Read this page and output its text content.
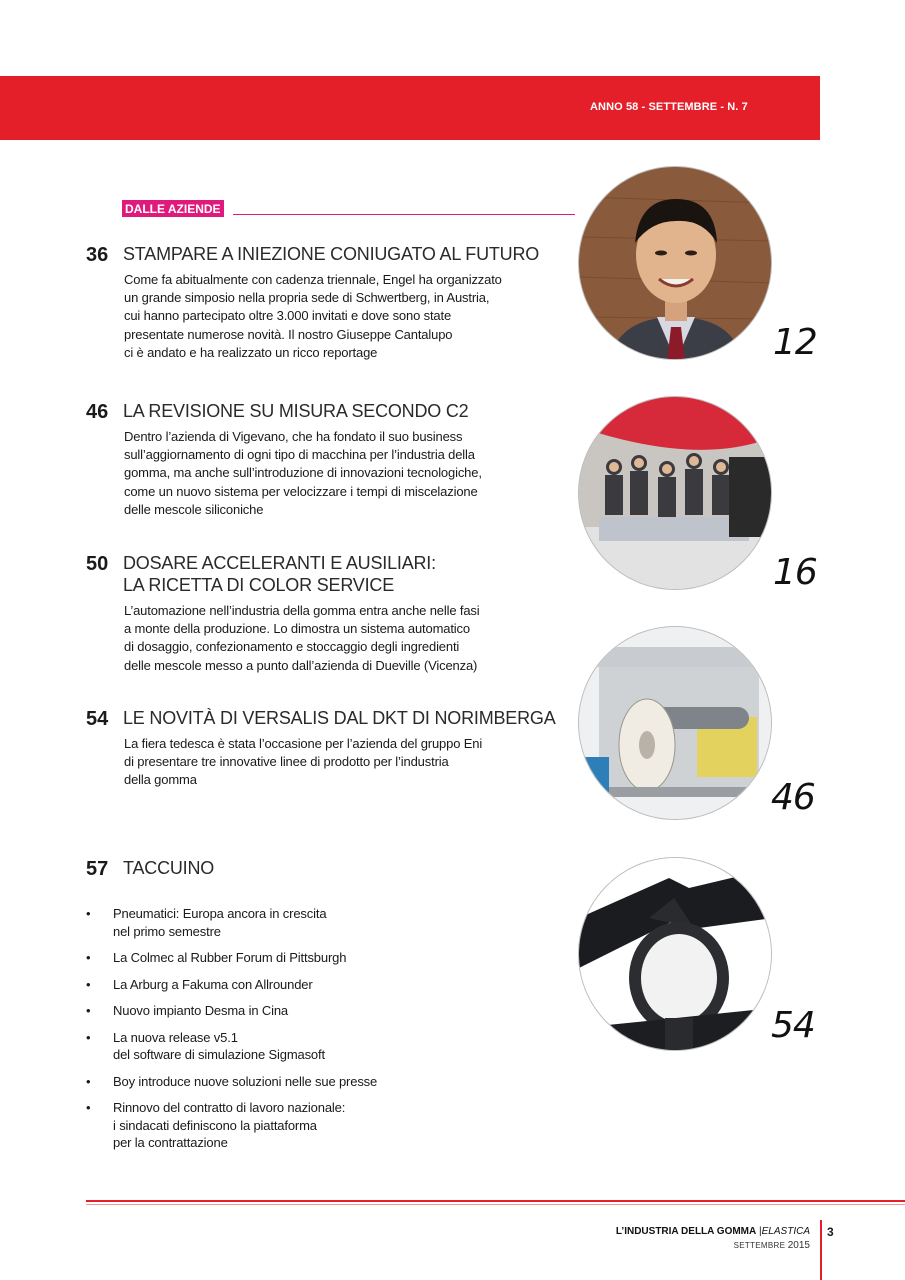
ANNO 58 - SETTEMBRE - N. 7
DALLE AZIENDE
36 STAMPARE A INIEZIONE CONIUGATO AL FUTURO
Come fa abitualmente con cadenza triennale, Engel ha organizzato
un grande simposio nella propria sede di Schwertberg, in Austria,
cui hanno partecipato oltre 3.000 invitati e dove sono state
presentate numerose novità. Il nostro Giuseppe Cantalupo
ci è andato e ha realizzato un ricco reportage
46 LA REVISIONE SU MISURA SECONDO C2
Dentro l’azienda di Vigevano, che ha fondato il suo business
sull’aggiornamento di ogni tipo di macchina per l’industria della
gomma, ma anche sull’introduzione di innovazioni tecnologiche,
come un nuovo sistema per velocizzare i tempi di miscelazione
delle mescole siliconiche
50 DOSARE ACCELERANTI E AUSILIARI:
LA RICETTA DI COLOR SERVICE
L’automazione nell’industria della gomma entra anche nelle fasi
a monte della produzione. Lo dimostra un sistema automatico
di dosaggio, confezionamento e stoccaggio degli ingredienti
delle mescole messo a punto dall’azienda di Dueville (Vicenza)
54 LE NOVITÀ DI VERSALIS DAL DKT DI NORIMBERGA
La fiera tedesca è stata l’occasione per l’azienda del gruppo Eni
di presentare tre innovative linee di prodotto per l’industria
della gomma
57 TACCUINO
•	Pneumatici: Europa ancora in crescita
nel primo semestre
•	La Colmec al Rubber Forum di Pittsburgh
•	La Arburg a Fakuma con Allrounder
•	Nuovo impianto Desma in Cina
•	La nuova release v5.1
del software di simulazione Sigmasoft
•	Boy introduce nuove soluzioni nelle sue presse
•	Rinnovo del contratto di lavoro nazionale:
i sindacati definiscono la piattaforma
per la contrattazione
12
16
46
54
L’INDUSTRIA DELLA GOMMA |ELASTICA
SETTEMBRE 2015
3
